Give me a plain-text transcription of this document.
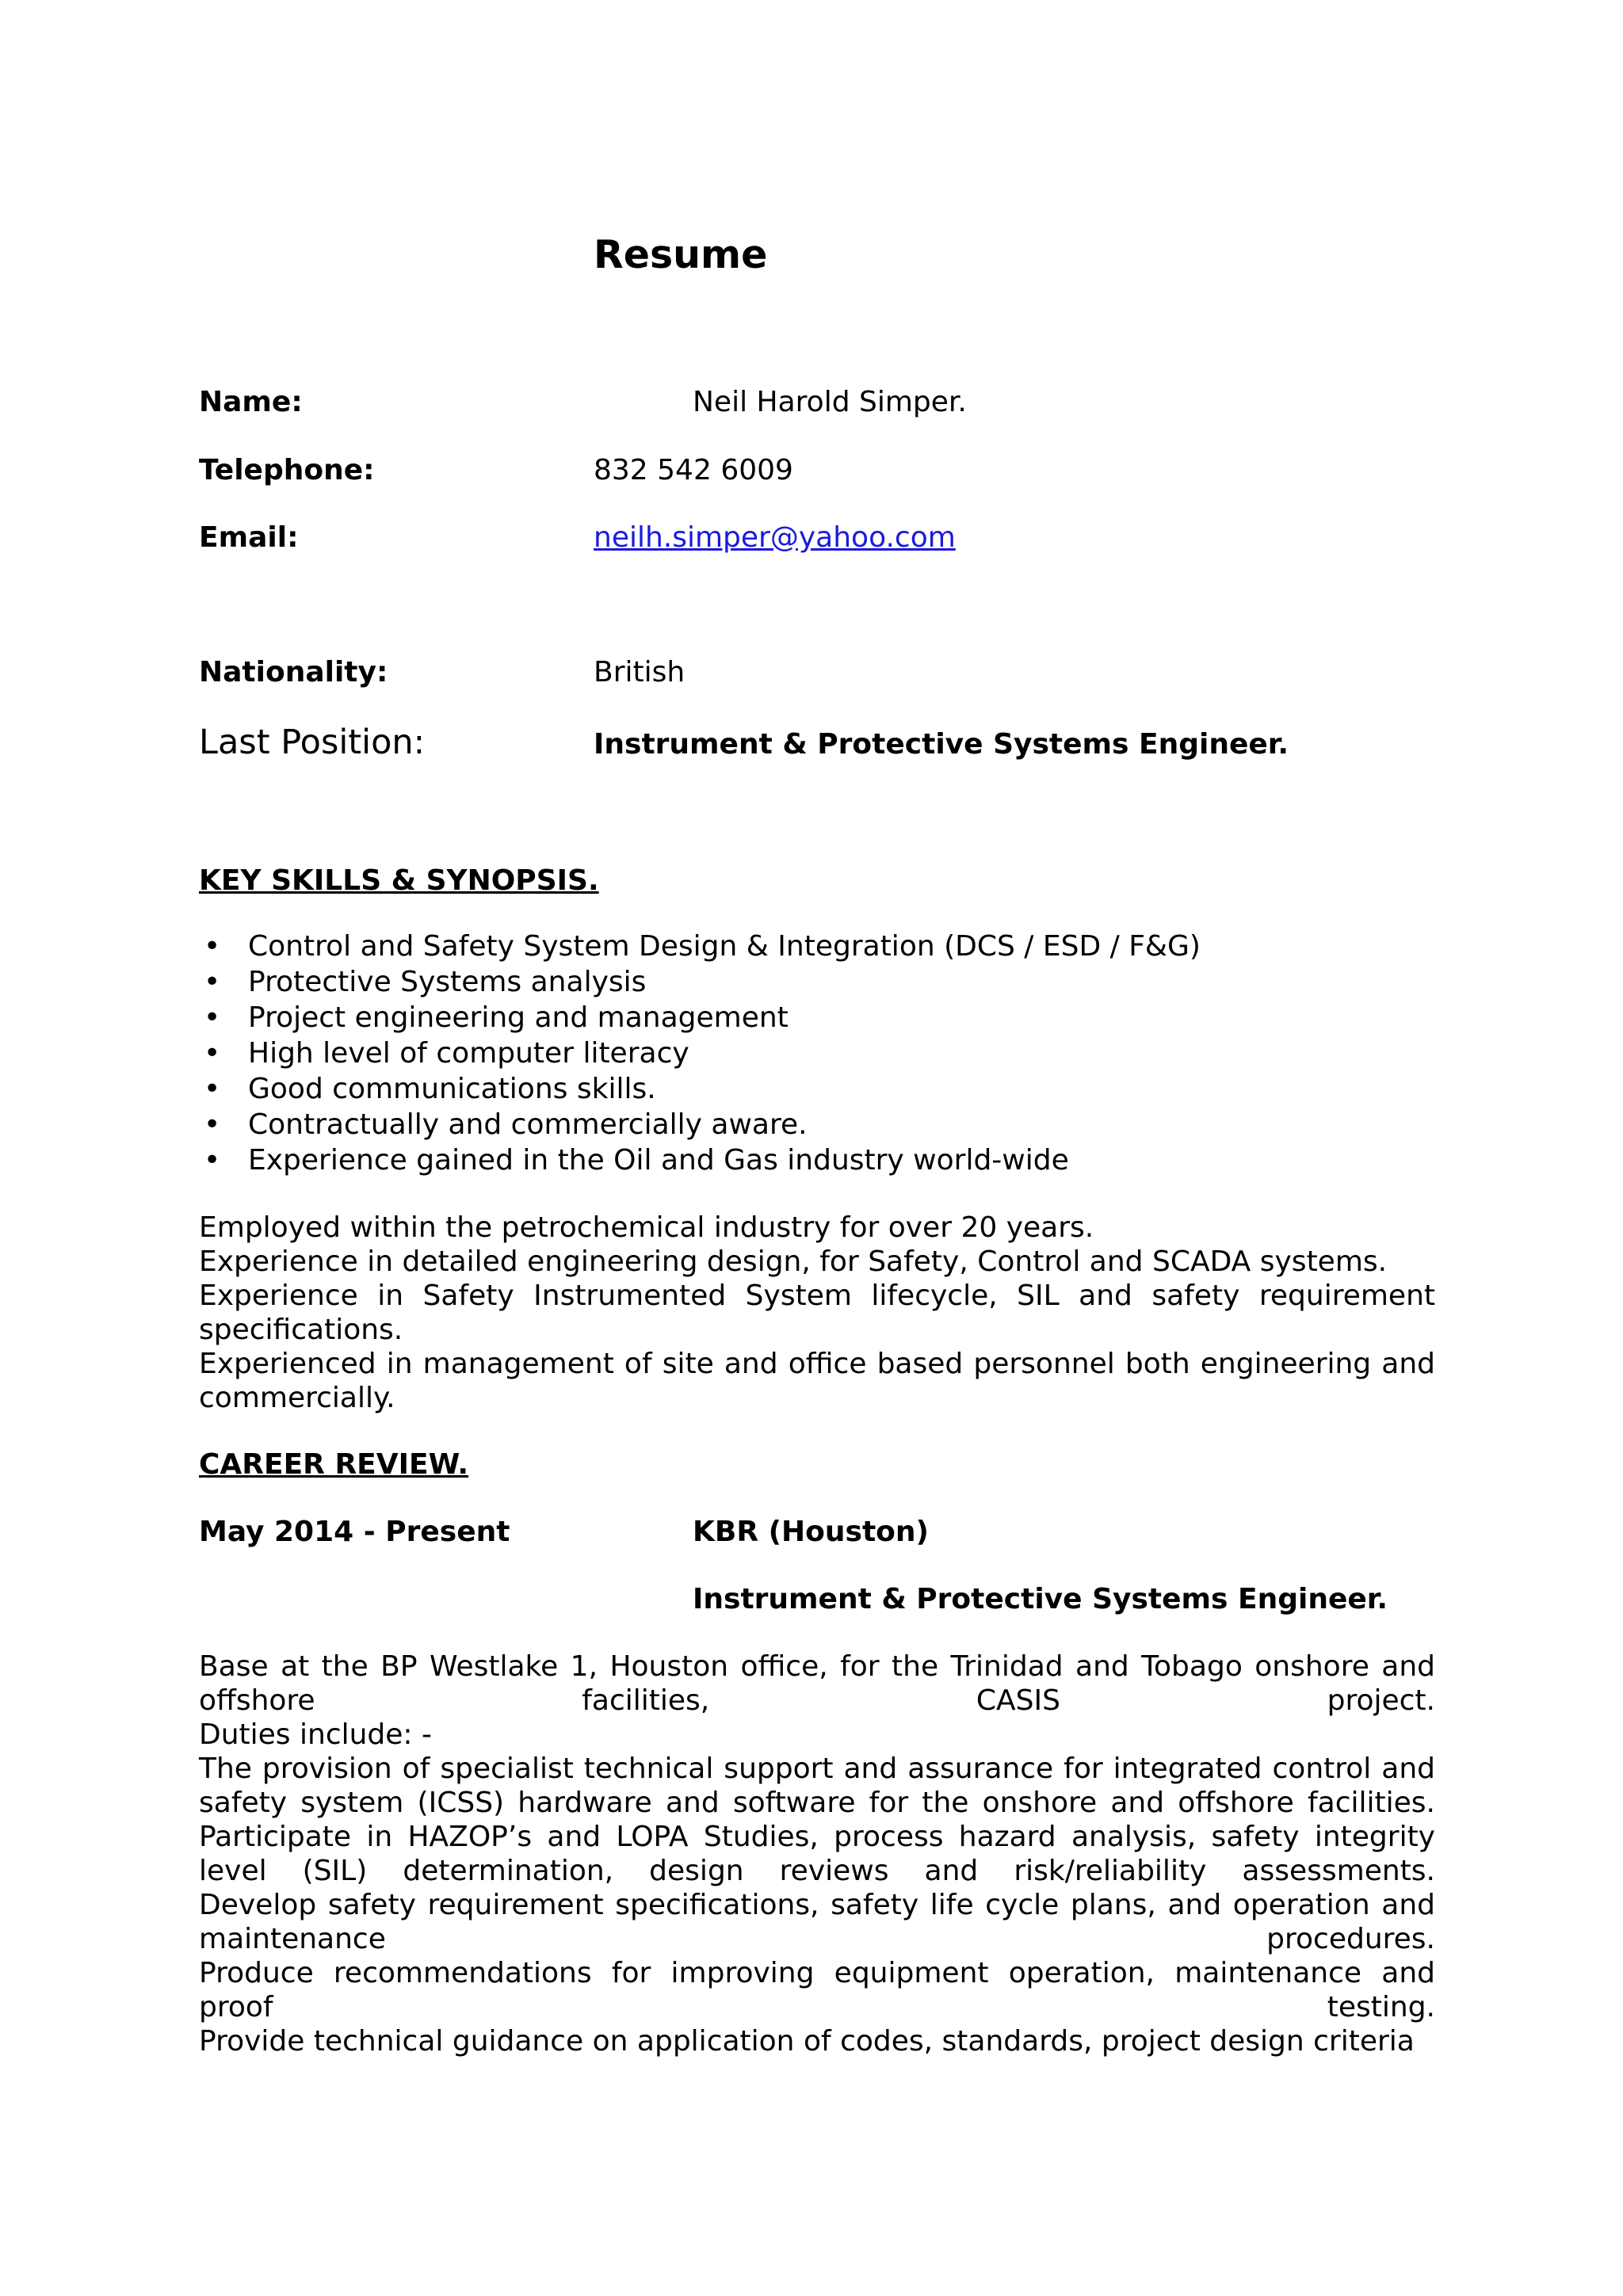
Resume
Name:	Neil Harold Simper.
Telephone:	832 542 6009
Email:	neilh.simper@yahoo.com
Nationality:	British
Last Position:	Instrument & Protective Systems Engineer.
KEY SKILLS & SYNOPSIS.
• Control and Safety System Design & Integration (DCS / ESD / F&G)
• Protective Systems analysis
• Project engineering and management
• High level of computer literacy
• Good communications skills.
• Contractually and commercially aware.
• Experience gained in the Oil and Gas industry world-wide
Employed within the petrochemical industry for over 20 years.
Experience in detailed engineering design, for Safety, Control and SCADA systems.
Experience in Safety Instrumented System lifecycle, SIL and safety requirement specifications.
Experienced in management of site and office based personnel both engineering and commercially.
CAREER REVIEW.
May 2014 - Present	KBR (Houston)
Instrument & Protective Systems Engineer.
Base at the BP Westlake 1, Houston office, for the Trinidad and Tobago onshore and offshore facilities, CASIS project.
Duties include: -
The provision of specialist technical support and assurance for integrated control and safety system (ICSS) hardware and software for the onshore and offshore facilities.
Participate in HAZOP’s and LOPA Studies, process hazard analysis, safety integrity level (SIL) determination, design reviews and risk/reliability assessments.
Develop safety requirement specifications, safety life cycle plans, and operation and maintenance procedures.
Produce recommendations for improving equipment operation, maintenance and proof testing.
Provide technical guidance on application of codes, standards, project design criteria
